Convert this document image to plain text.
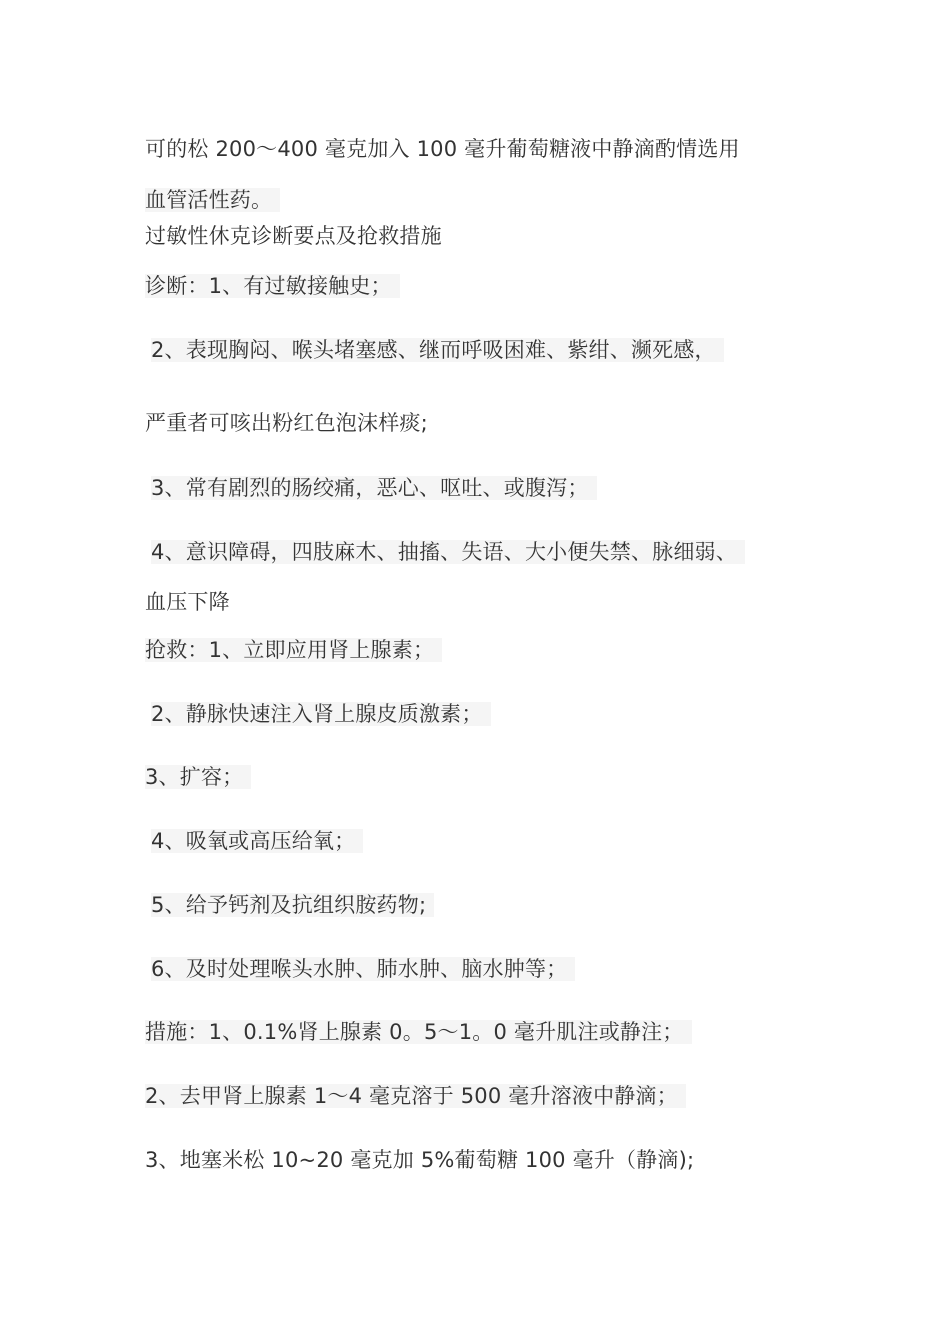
可的松 200～400 毫克加入 100 毫升葡萄糖液中静滴酌情选用
血管活性药。
过敏性休克诊断要点及抢救措施
诊断：1、有过敏接触史；
2、表现胸闷、喉头堵塞感、继而呼吸困难、紫绀、濒死感，
严重者可咳出粉红色泡沫样痰;
3、常有剧烈的肠绞痛，恶心、呕吐、或腹泻；
4、意识障碍，四肢麻木、抽搐、失语、大小便失禁、脉细弱、
血压下降
抢救：1、立即应用肾上腺素；
2、静脉快速注入肾上腺皮质激素；
3、扩容；
4、吸氧或高压给氧；
5、给予钙剂及抗组织胺药物;
6、及时处理喉头水肿、肺水肿、脑水肿等；
措施：1、0.1%肾上腺素 0。5～1。0 毫升肌注或静注；
2、去甲肾上腺素 1～4 毫克溶于 500 毫升溶液中静滴；
3、地塞米松 10~20 毫克加 5%葡萄糖 100 毫升（静滴);
